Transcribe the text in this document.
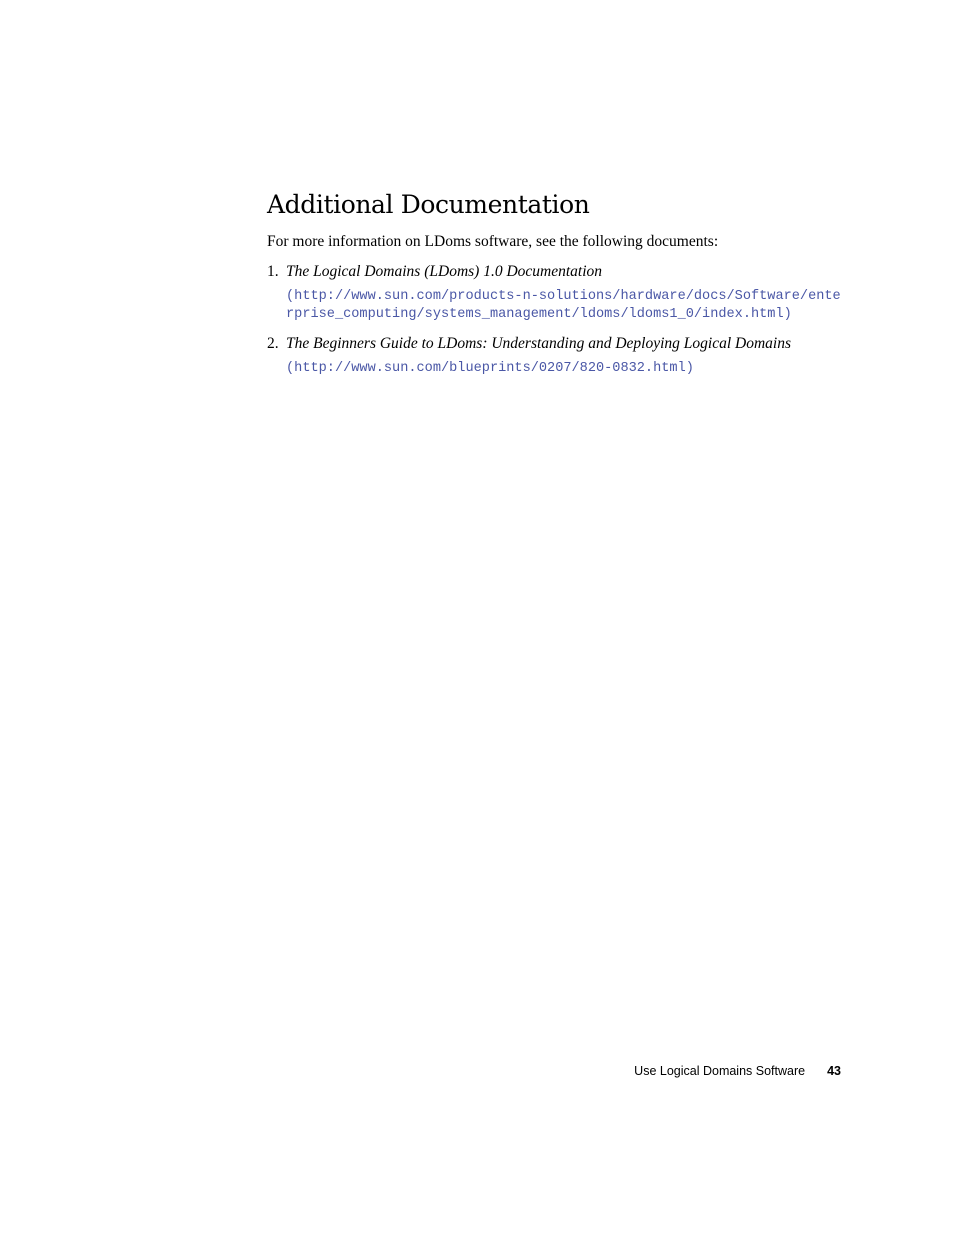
Additional Documentation

For more information on LDoms software, see the following documents:

1. The Logical Domains (LDoms) 1.0 Documentation
(http://www.sun.com/products-n-solutions/hardware/docs/Software/enterprise_computing/systems_management/ldoms/ldoms1_0/index.html)
2. The Beginners Guide to LDoms: Understanding and Deploying Logical Domains
(http://www.sun.com/blueprints/0207/820-0832.html)
Use Logical Domains Software 43
